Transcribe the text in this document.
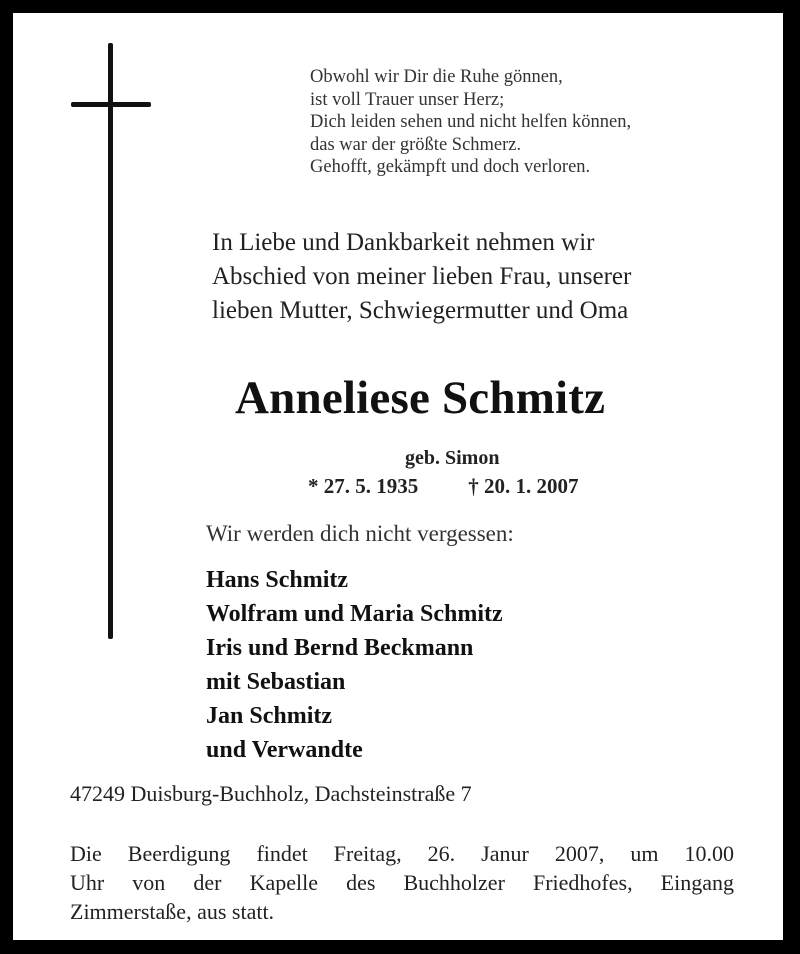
Obwohl wir Dir die Ruhe gönnen,
ist voll Trauer unser Herz;
Dich leiden sehen und nicht helfen können,
das war der größte Schmerz.
Gehofft, gekämpft und doch verloren.
In Liebe und Dankbarkeit nehmen wir
Abschied von meiner lieben Frau, unserer
lieben Mutter, Schwiegermutter und Oma
Anneliese Schmitz
geb. Simon
* 27. 5. 1935 † 20. 1. 2007
Wir werden dich nicht vergessen:
Hans Schmitz
Wolfram und Maria Schmitz
Iris und Bernd Beckmann
mit Sebastian
Jan Schmitz
und Verwandte
47249 Duisburg-Buchholz, Dachsteinstraße 7
Die Beerdigung findet Freitag, 26. Janur 2007, um 10.00
Uhr von der Kapelle des Buchholzer Friedhofes, Eingang
Zimmerstaße, aus statt.
